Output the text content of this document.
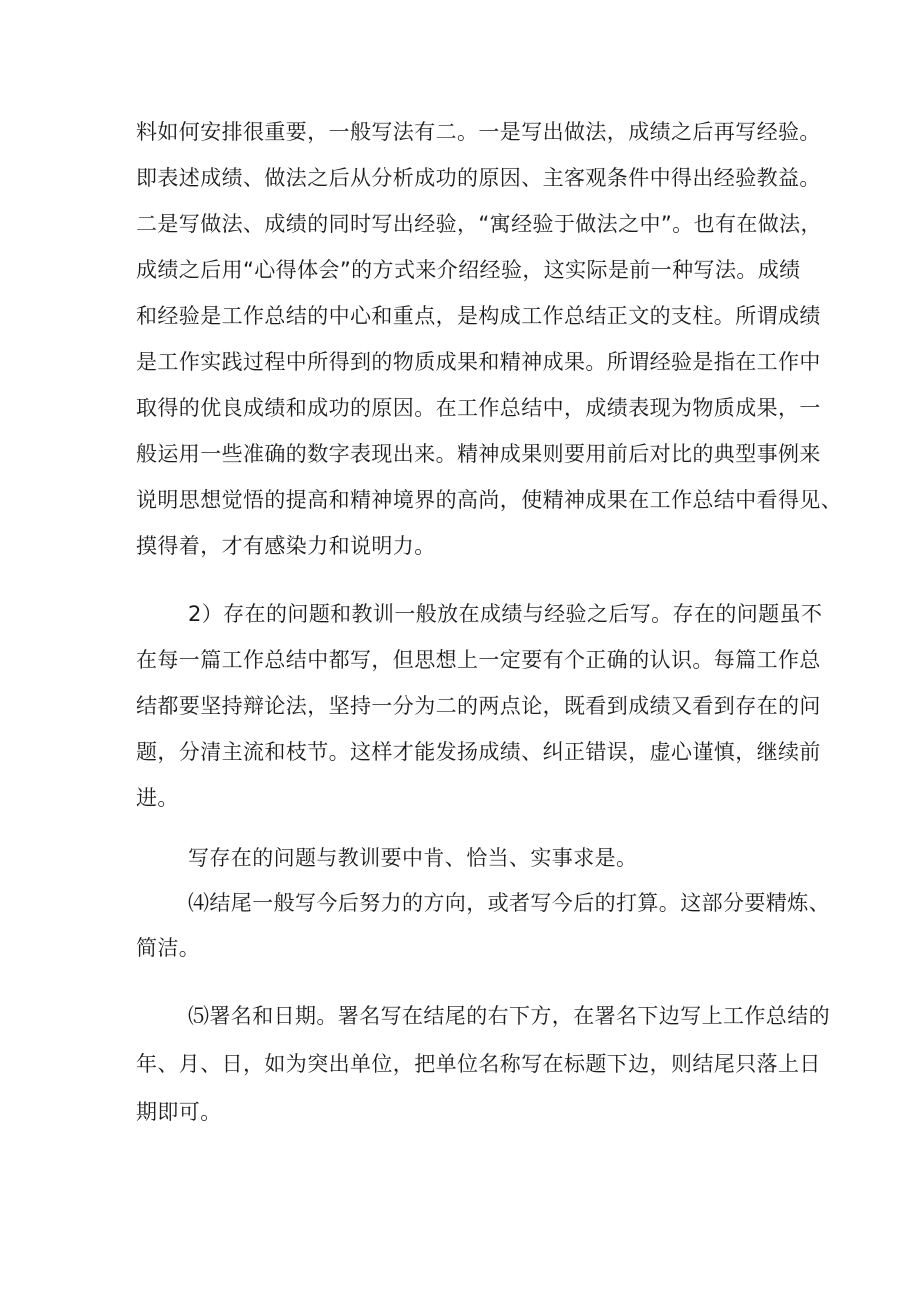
料如何安排很重要，一般写法有二。一是写出做法，成绩之后再写经验。
即表述成绩、做法之后从分析成功的原因、主客观条件中得出经验教益。
二是写做法、成绩的同时写出经验，“寓经验于做法之中”。也有在做法，
成绩之后用“心得体会”的方式来介绍经验，这实际是前一种写法。成绩
和经验是工作总结的中心和重点，是构成工作总结正文的支柱。所谓成绩
是工作实践过程中所得到的物质成果和精神成果。所谓经验是指在工作中
取得的优良成绩和成功的原因。在工作总结中，成绩表现为物质成果，一
般运用一些准确的数字表现出来。精神成果则要用前后对比的典型事例来
说明思想觉悟的提高和精神境界的高尚，使精神成果在工作总结中看得见、
摸得着，才有感染力和说明力。
2）存在的问题和教训一般放在成绩与经验之后写。存在的问题虽不
在每一篇工作总结中都写，但思想上一定要有个正确的认识。每篇工作总
结都要坚持辩论法，坚持一分为二的两点论，既看到成绩又看到存在的问
题，分清主流和枝节。这样才能发扬成绩、纠正错误，虚心谨慎，继续前
进。
写存在的问题与教训要中肯、恰当、实事求是。
⑷结尾一般写今后努力的方向，或者写今后的打算。这部分要精炼、
简洁。
⑸署名和日期。署名写在结尾的右下方，在署名下边写上工作总结的
年、月、日，如为突出单位，把单位名称写在标题下边，则结尾只落上日
期即可。
